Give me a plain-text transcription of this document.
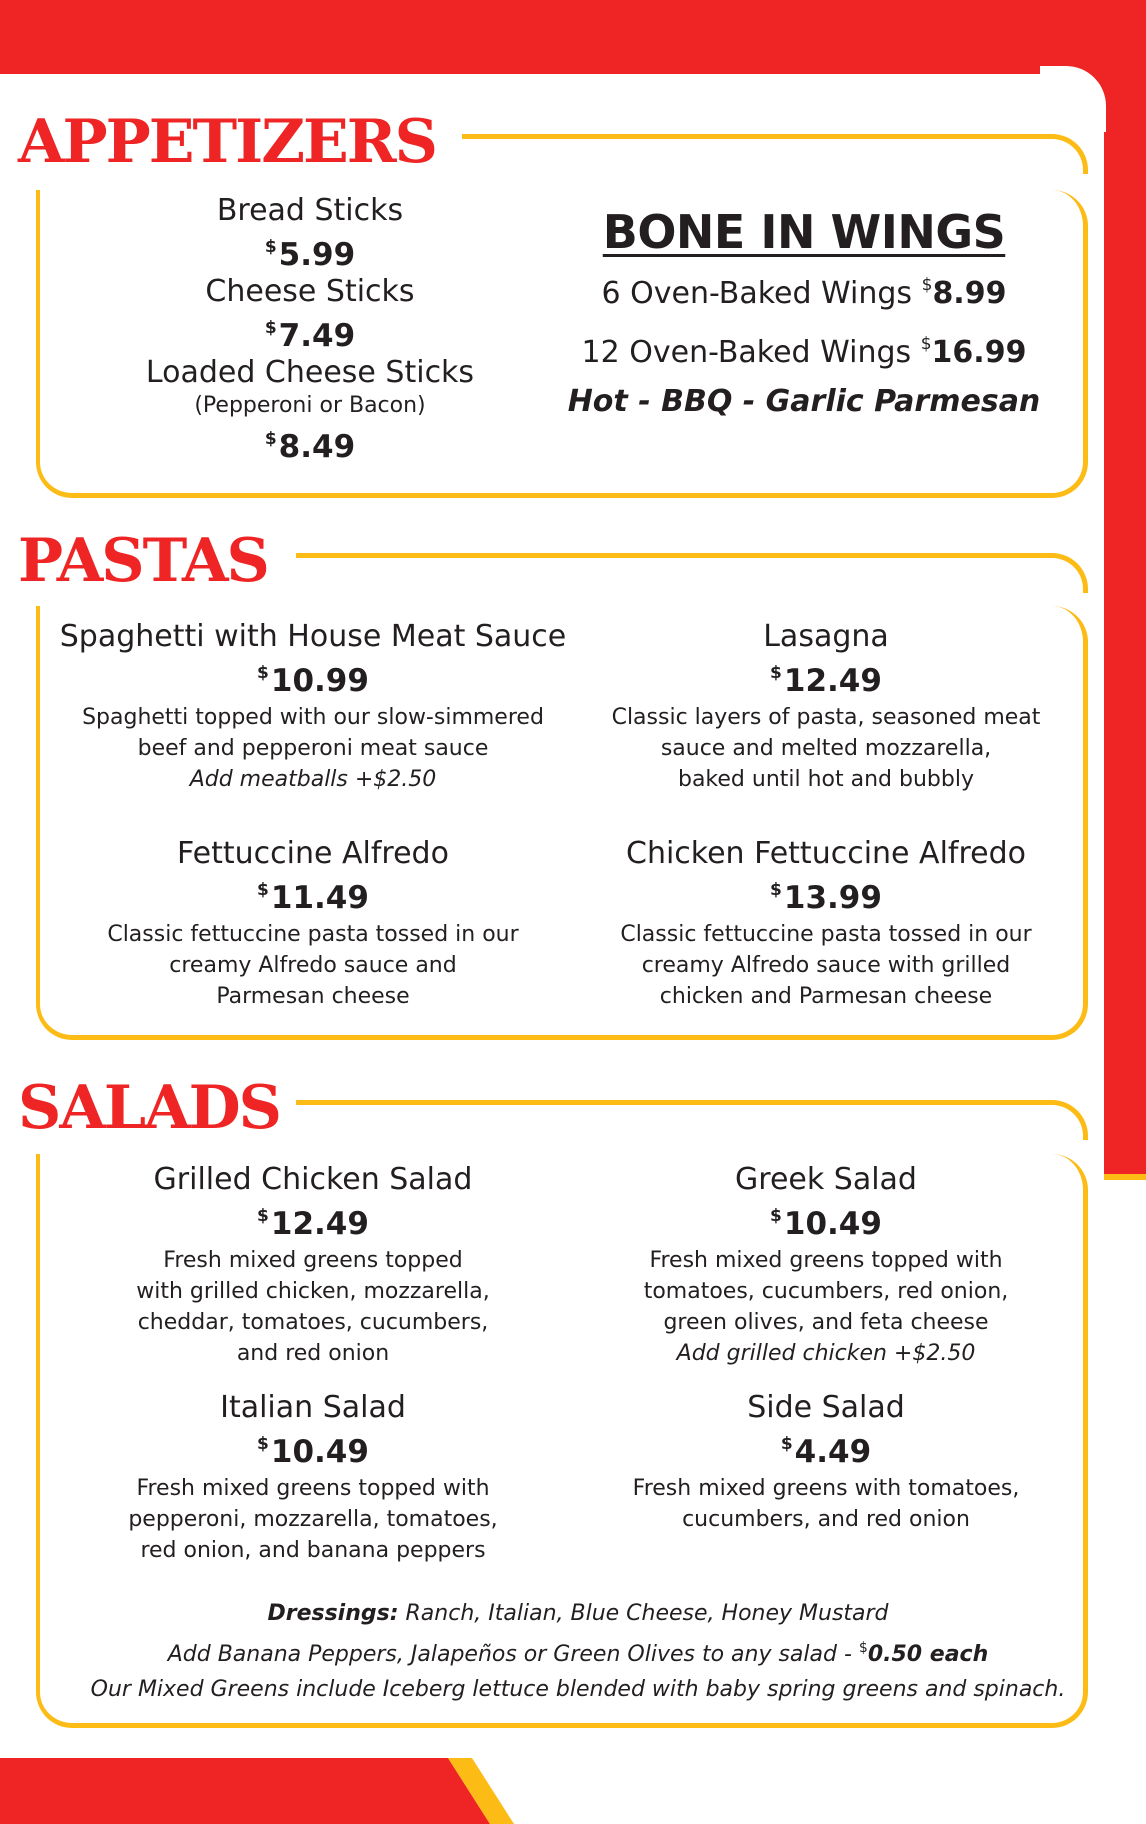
APPETIZERS
Bread Sticks
$5.99
Cheese Sticks
$7.49
Loaded Cheese Sticks
(Pepperoni or Bacon)
$8.49
BONE IN WINGS
6 Oven-Baked Wings $8.99
12 Oven-Baked Wings $16.99
Hot - BBQ - Garlic Parmesan
PASTAS
Spaghetti with House Meat Sauce
$10.99
Spaghetti topped with our slow-simmered
beef and pepperoni meat sauce
Add meatballs +$2.50
Lasagna
$12.49
Classic layers of pasta, seasoned meat
sauce and melted mozzarella,
baked until hot and bubbly
Fettuccine Alfredo
$11.49
Classic fettuccine pasta tossed in our
creamy Alfredo sauce and
Parmesan cheese
Chicken Fettuccine Alfredo
$13.99
Classic fettuccine pasta tossed in our
creamy Alfredo sauce with grilled
chicken and Parmesan cheese
SALADS
Grilled Chicken Salad
$12.49
Fresh mixed greens topped
with grilled chicken, mozzarella,
cheddar, tomatoes, cucumbers,
and red onion
Greek Salad
$10.49
Fresh mixed greens topped with
tomatoes, cucumbers, red onion,
green olives, and feta cheese
Add grilled chicken +$2.50
Italian Salad
$10.49
Fresh mixed greens topped with
pepperoni, mozzarella, tomatoes,
red onion, and banana peppers
Side Salad
$4.49
Fresh mixed greens with tomatoes,
cucumbers, and red onion
Dressings: Ranch, Italian, Blue Cheese, Honey Mustard
Add Banana Peppers, Jalapeños or Green Olives to any salad - $0.50 each
Our Mixed Greens include Iceberg lettuce blended with baby spring greens and spinach.
